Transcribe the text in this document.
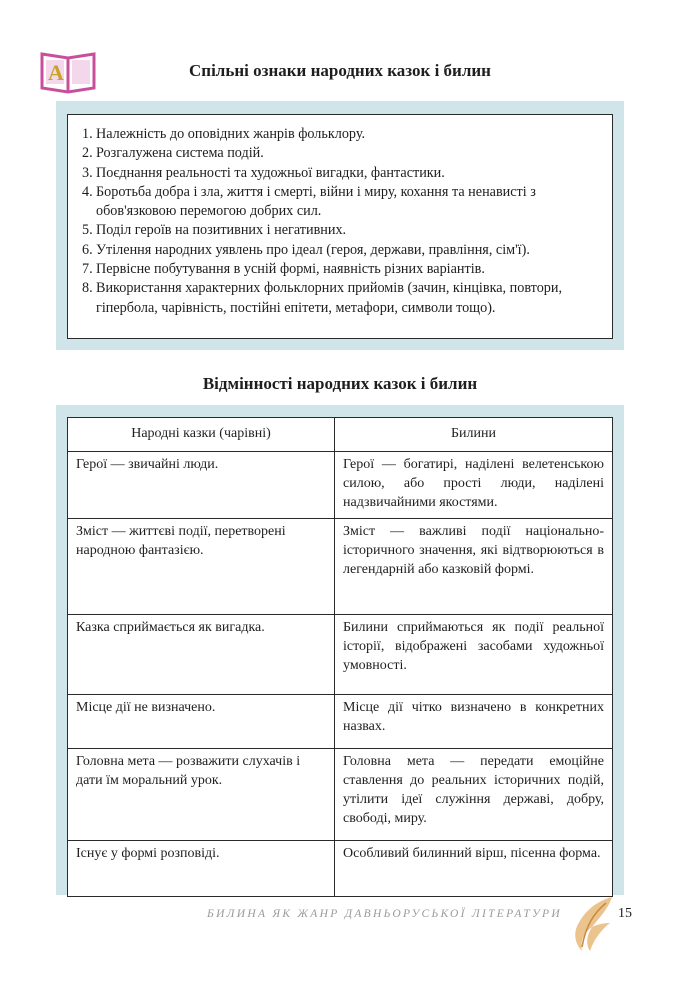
А	Спільні ознаки народних казок і билин
Належність до оповідних жанрів фольклору.
Розгалужена система подій.
Поєднання реальності та художньої вигадки, фантастики.
Боротьба добра і зла, життя і смерті, війни і миру, кохання та ненависті з обов'язковою перемогою добрих сил.
Поділ героїв на позитивних і негативних.
Утілення народних уявлень про ідеал (героя, держави, правління, сім'ї).
Первісне побутування в усній формі, наявність різних варіантів.
Використання характерних фольклорних прийомів (зачин, кінцівка, повтори, гіпербола, чарівність, постійні епітети, метафори, символи тощо).
Відмінності народних казок і билин
Народні казки (чарівні)	Билини
Герої — звичайні люди.	Герої — богатирі, наділені велетенською силою, або прості люди, наділені надзвичайними якостями.
Зміст — життєві події, перетворені народною фантазією.	Зміст — важливі події національно-історичного значення, які відтворюються в легендарній або казковій формі.
Казка сприймається як вигадка.	Билини сприймаються як події реальної історії, відображені засобами художньої умовності.
Місце дії не визначено.	Місце дії чітко визначено в конкретних назвах.
Головна мета — розважити слухачів і дати їм моральний урок.	Головна мета — передати емоційне ставлення до реальних історичних подій, утілити ідеї служіння державі, добру, свободі, миру.
Існує у формі розповіді.	Особливий билинний вірш, пісенна форма.
БИЛИНА ЯК ЖАНР ДАВНЬОРУСЬКОЇ ЛІТЕРАТУРИ	15
